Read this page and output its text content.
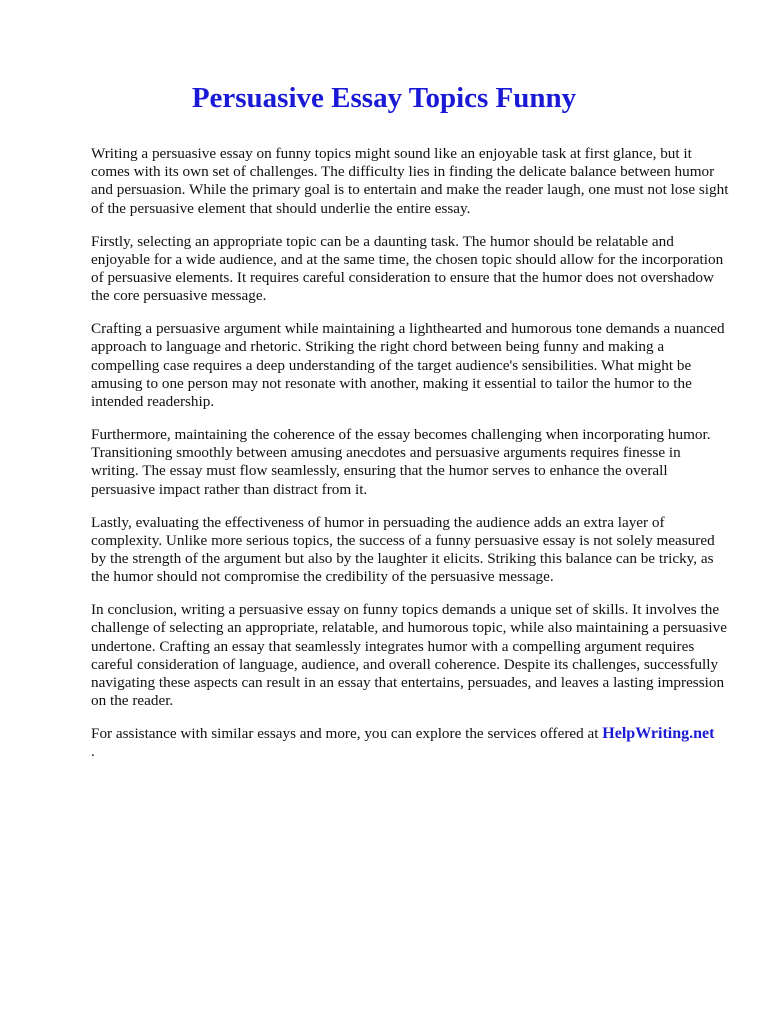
Persuasive Essay Topics Funny

Writing a persuasive essay on funny topics might sound like an enjoyable task at first glance, but it comes with its own set of challenges. The difficulty lies in finding the delicate balance between humor and persuasion. While the primary goal is to entertain and make the reader laugh, one must not lose sight of the persuasive element that should underlie the entire essay.

Firstly, selecting an appropriate topic can be a daunting task. The humor should be relatable and enjoyable for a wide audience, and at the same time, the chosen topic should allow for the incorporation of persuasive elements. It requires careful consideration to ensure that the humor does not overshadow the core persuasive message.

Crafting a persuasive argument while maintaining a lighthearted and humorous tone demands a nuanced approach to language and rhetoric. Striking the right chord between being funny and making a compelling case requires a deep understanding of the target audience's sensibilities. What might be amusing to one person may not resonate with another, making it essential to tailor the humor to the intended readership.

Furthermore, maintaining the coherence of the essay becomes challenging when incorporating humor. Transitioning smoothly between amusing anecdotes and persuasive arguments requires finesse in writing. The essay must flow seamlessly, ensuring that the humor serves to enhance the overall persuasive impact rather than distract from it.

Lastly, evaluating the effectiveness of humor in persuading the audience adds an extra layer of complexity. Unlike more serious topics, the success of a funny persuasive essay is not solely measured by the strength of the argument but also by the laughter it elicits. Striking this balance can be tricky, as the humor should not compromise the credibility of the persuasive message.

In conclusion, writing a persuasive essay on funny topics demands a unique set of skills. It involves the challenge of selecting an appropriate, relatable, and humorous topic, while also maintaining a persuasive undertone. Crafting an essay that seamlessly integrates humor with a compelling argument requires careful consideration of language, audience, and overall coherence. Despite its challenges, successfully navigating these aspects can result in an essay that entertains, persuades, and leaves a lasting impression on the reader.

For assistance with similar essays and more, you can explore the services offered at HelpWriting.net
.
